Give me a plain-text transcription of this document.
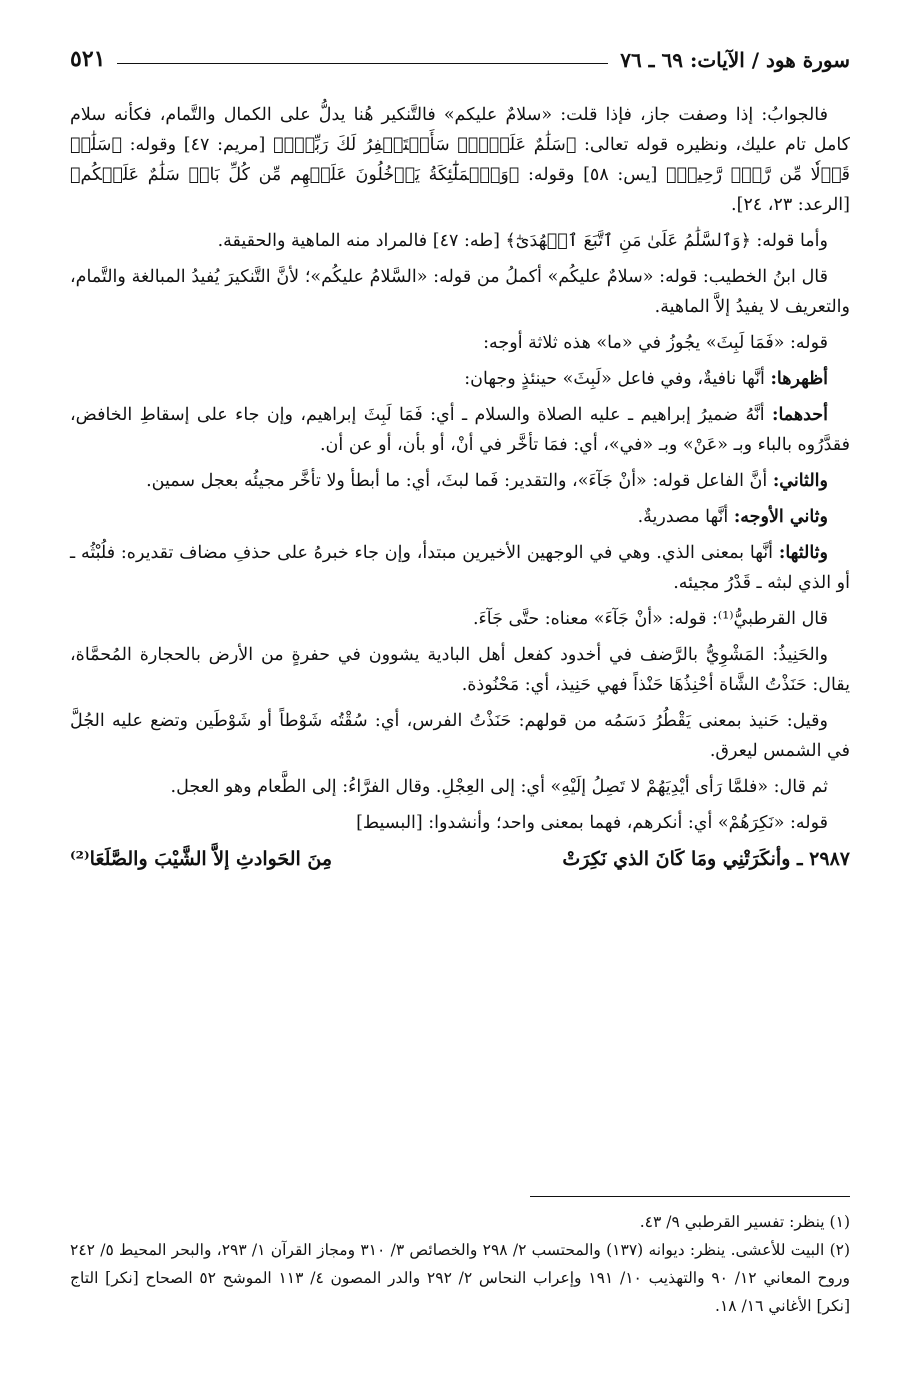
سورة هود / الآيات: ٦٩ ـ ٧٦
٥٢١

فالجوابُ: إذا وصفت جاز، فإذا قلت: «سلامٌ عليكم» فالتَّنكير هُنا يدلُّ على الكمال والتَّمام، فكأنه سلام كامل تام عليك، ونظيره قوله تعالى: ﴿سَلَٰمٌ عَلَيۡكَۖ سَأَسۡتَغۡفِرُ لَكَ رَبِّيٓۖ﴾ [مريم: ٤٧] وقوله: ﴿سَلَٰمٞ قَوۡلٗا مِّن رَّبّٖ رَّحِيمٖ﴾ [يس: ٥٨] وقوله: ﴿وَٱلۡمَلَٰٓئِكَةُ يَدۡخُلُونَ عَلَيۡهِم مِّن كُلِّ بَابٖ سَلَٰمٌ عَلَيۡكُم﴾ [الرعد: ٢٣، ٢٤].

وأما قوله: ﴿وَٱلسَّلَٰمُ عَلَىٰ مَنِ ٱتَّبَعَ ٱلۡهُدَىٰٓ﴾ [طه: ٤٧] فالمراد منه الماهية والحقيقة.

قال ابنُ الخطيب: قوله: «سلامٌ عليكُم» أكملُ من قوله: «السَّلامُ عليكُم»؛ لأنَّ التَّنكيرَ يُفيدُ المبالغة والتَّمام، والتعريف لا يفيدُ إلاَّ الماهية.

قوله: «فَمَا لَبِثَ» يجُوزُ في «ما» هذه ثلاثة أوجه:

أظهرها: أنَّها نافيةٌ، وفي فاعل «لَبِثَ» حينئذٍ وجهان:

أحدهما: أنَّهُ ضميرُ إبراهيم ـ عليه الصلاة والسلام ـ أي: فَمَا لَبِثَ إبراهيم، وإن جاء على إسقاطِ الخافض، فقدَّرُوه بالباء وبـ «عَنْ» وبـ «في»، أي: فمَا تأخَّر في أنْ، أو بأن، أو عن أن.

والثاني: أنَّ الفاعل قوله: «أنْ جَآءَ»، والتقدير: فَما لبثَ، أي: ما أبطأ ولا تأخَّر مجيئُه بعجل سمين.

وثاني الأوجه: أنَّها مصدريةٌ.

وثالثها: أنَّها بمعنى الذي. وهي في الوجهين الأخيرين مبتدأ، وإن جاء خبرهُ على حذفِ مضاف تقديره: فلُبْثُه ـ أو الذي لبثه ـ قَدْرُ مجيئه.

قال القرطبيُّ⁽¹⁾: قوله: «أنْ جَآءَ» معناه: حتَّى جَآءَ.

والحَنِيذُ: المَشْوِيُّ بالرَّضف في أخدود كفعل أهل البادية يشوون في حفرةٍ من الأرض بالحجارة المُحمَّاة، يقال: حَنَذْتُ الشَّاة أحْنِذُهَا حَنْذاً فهي حَنِيذ، أي: مَحْنُوذة.

وقيل: حَنيذ بمعنى يَقْطُرُ دَسَمُه من قولهم: حَنَذْتُ الفرس، أي: سُقْتُه شَوْطاً أو شَوْطَين وتضع عليه الجُلَّ في الشمس ليعرق.

ثم قال: «فلمَّا رَأى أيْدِيَهُمْ لا تَصِلُ إلَيْهِ» أي: إلى العِجْلِ. وقال الفرَّاءُ: إلى الطَّعام وهو العجل.

قوله: «نَكِرَهُمْ» أي: أنكرهم، فهما بمعنى واحد؛ وأنشدوا: [البسيط]

٢٩٨٧ ـ وأنكَرَتْنِي ومَا كَانَ الذي نَكِرَتْ
مِنَ الحَوادثِ إلاَّ الشَّيْبَ والصَّلَعَا⁽²⁾

(١) ينظر: تفسير القرطبي ٩/ ٤٣.

(٢) البيت للأعشى. ينظر: ديوانه (١٣٧) والمحتسب ٢/ ٢٩٨ والخصائص ٣/ ٣١٠ ومجاز القرآن ١/ ٢٩٣، والبحر المحيط ٥/ ٢٤٢ وروح المعاني ١٢/ ٩٠ والتهذيب ١٠/ ١٩١ وإعراب النحاس ٢/ ٢٩٢ والدر المصون ٤/ ١١٣ الموشح ٥٢ الصحاح [نكر] التاج [نكر] الأغاني ١٦/ ١٨.
